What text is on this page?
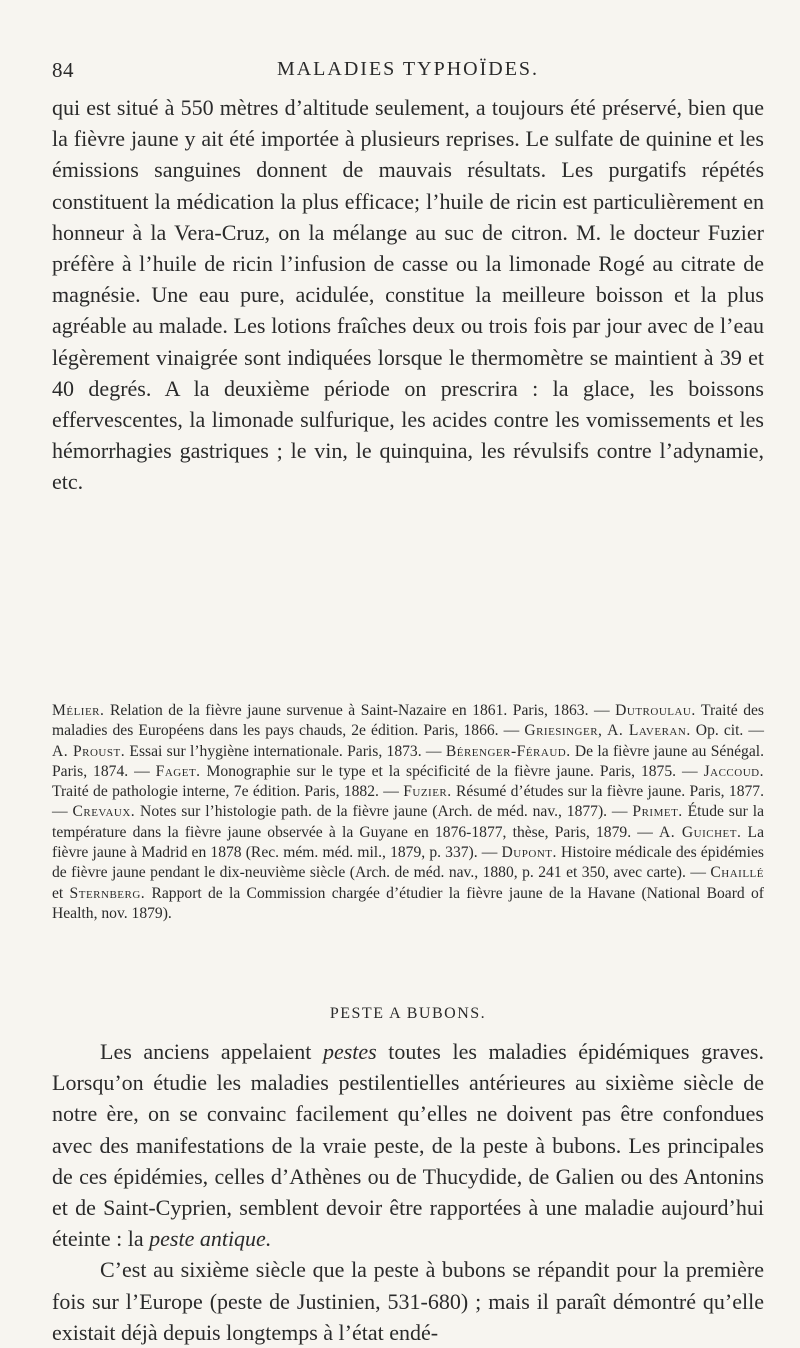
84	MALADIES TYPHOÏDES.

qui est situé à 550 mètres d’altitude seulement, a toujours été préservé, bien que la fièvre jaune y ait été importée à plusieurs reprises. Le sulfate de quinine et les émissions sanguines donnent de mauvais résultats. Les purgatifs répétés constituent la médication la plus efficace; l’huile de ricin est particulièrement en honneur à la Vera-Cruz, on la mélange au suc de citron. M. le docteur Fuzier préfère à l’huile de ricin l’infusion de casse ou la limonade Rogé au citrate de magnésie. Une eau pure, acidulée, constitue la meilleure boisson et la plus agréable au malade. Les lotions fraîches deux ou trois fois par jour avec de l’eau légèrement vinaigrée sont indiquées lorsque le thermomètre se maintient à 39 et 40 degrés. A la deuxième période on prescrira : la glace, les boissons effervescentes, la limonade sulfurique, les acides contre les vomissements et les hémorrhagies gastriques ; le vin, le quinquina, les révulsifs contre l’adynamie, etc.

Mélier. Relation de la fièvre jaune survenue à Saint-Nazaire en 1861. Paris, 1863. — Dutroulau. Traité des maladies des Européens dans les pays chauds, 2e édition. Paris, 1866. — Griesinger, A. Laveran. Op. cit. — A. Proust. Essai sur l’hygiène internationale. Paris, 1873. — Bérenger-Féraud. De la fièvre jaune au Sénégal. Paris, 1874. — Faget. Monographie sur le type et la spécificité de la fièvre jaune. Paris, 1875. — Jaccoud. Traité de pathologie interne, 7e édition. Paris, 1882. — Fuzier. Résumé d’études sur la fièvre jaune. Paris, 1877. — Crevaux. Notes sur l’histologie path. de la fièvre jaune (Arch. de méd. nav., 1877). — Primet. Étude sur la température dans la fièvre jaune observée à la Guyane en 1876-1877, thèse, Paris, 1879. — A. Guichet. La fièvre jaune à Madrid en 1878 (Rec. mém. méd. mil., 1879, p. 337). — Dupont. Histoire médicale des épidémies de fièvre jaune pendant le dix-neuvième siècle (Arch. de méd. nav., 1880, p. 241 et 350, avec carte). — Chaillé et Sternberg. Rapport de la Commission chargée d’étudier la fièvre jaune de la Havane (National Board of Health, nov. 1879).

PESTE A BUBONS.

Les anciens appelaient pestes toutes les maladies épidémiques graves. Lorsqu’on étudie les maladies pestilentielles antérieures au sixième siècle de notre ère, on se convainc facilement qu’elles ne doivent pas être confondues avec des manifestations de la vraie peste, de la peste à bubons. Les principales de ces épidémies, celles d’Athènes ou de Thucydide, de Galien ou des Antonins et de Saint-Cyprien, semblent devoir être rapportées à une maladie aujourd’hui éteinte : la peste antique.

C’est au sixième siècle que la peste à bubons se répandit pour la première fois sur l’Europe (peste de Justinien, 531-680) ; mais il paraît démontré qu’elle existait déjà depuis longtemps à l’état endé-
